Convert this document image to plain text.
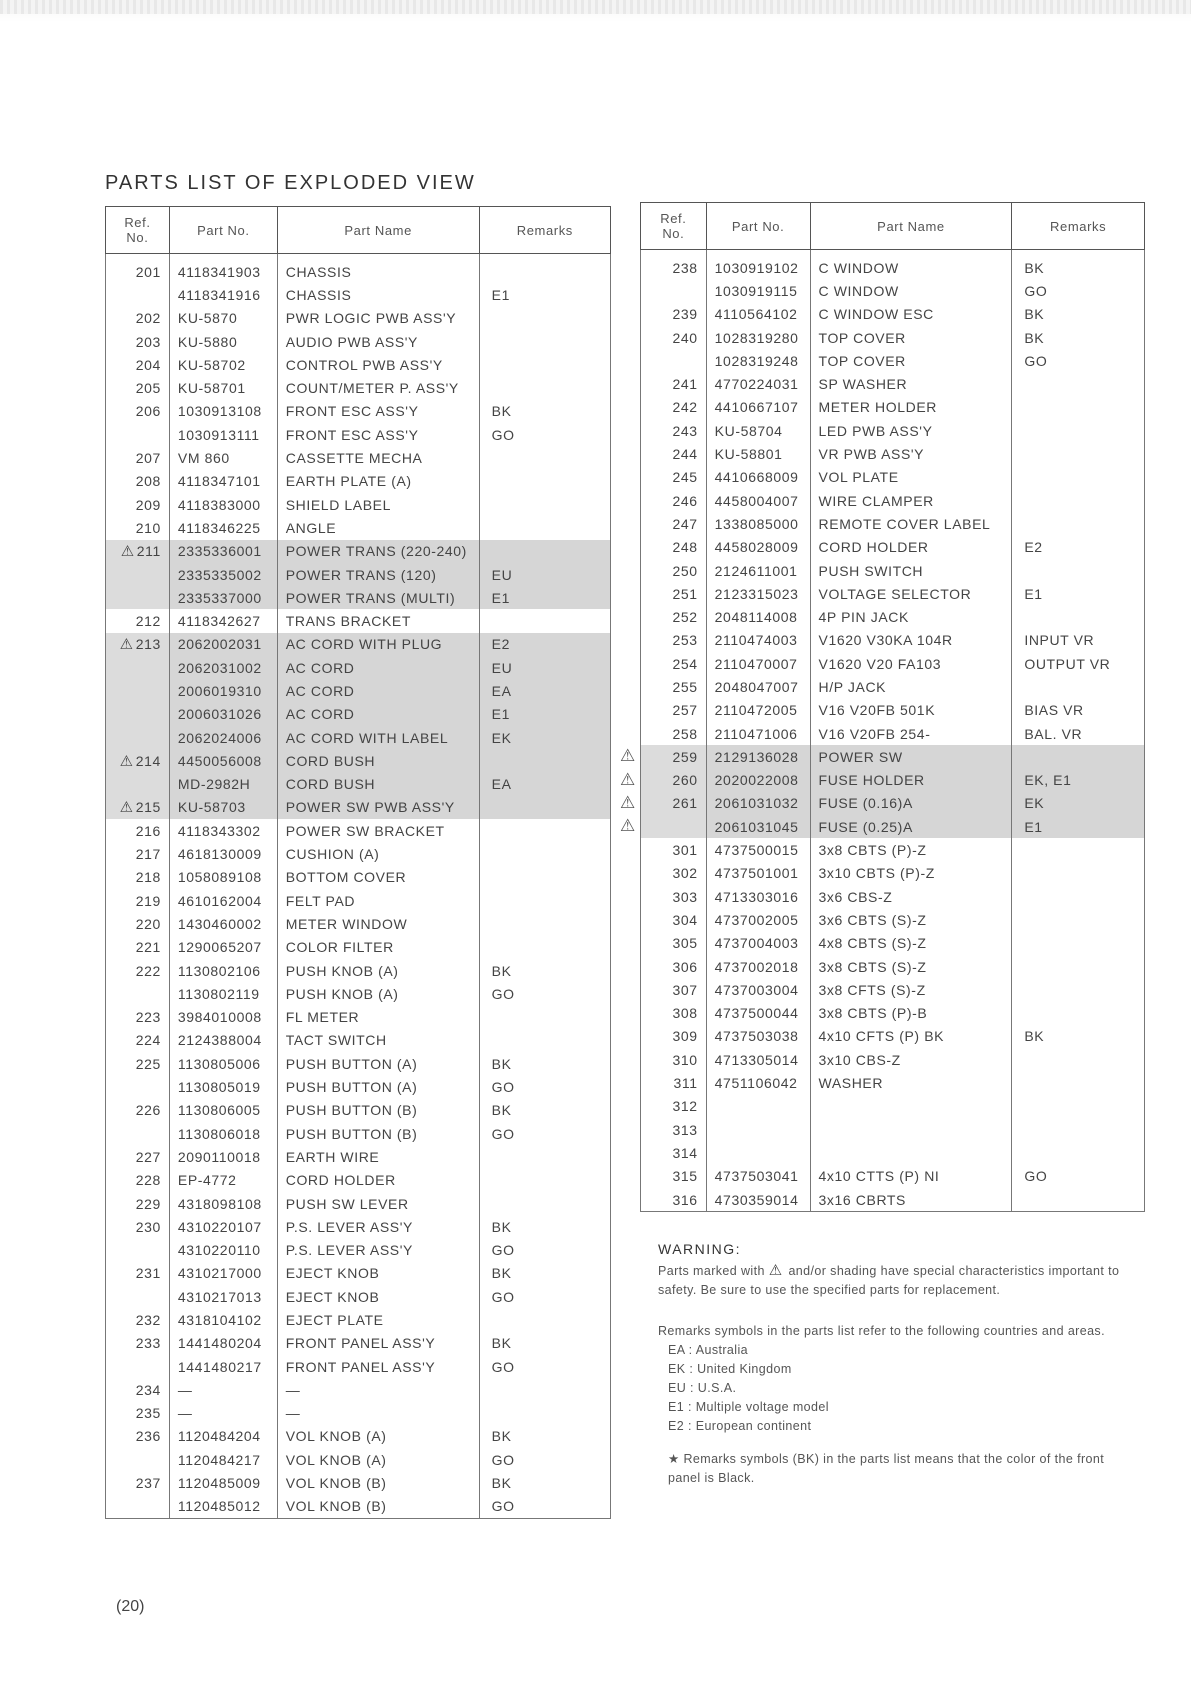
PARTS LIST OF EXPLODED VIEW
Ref.
No.	Part No.	Part Name	Remarks
201	4118341903	CHASSIS	
	4118341916	CHASSIS	E1
202	KU-5870	PWR LOGIC PWB ASS'Y	
203	KU-5880	AUDIO PWB ASS'Y	
204	KU-58702	CONTROL PWB ASS'Y	
205	KU-58701	COUNT/METER P. ASS'Y	
206	1030913108	FRONT ESC ASS'Y	BK
	1030913111	FRONT ESC ASS'Y	GO
207	VM 860	CASSETTE MECHA	
208	4118347101	EARTH PLATE (A)	
209	4118383000	SHIELD LABEL	
210	4118346225	ANGLE	
⚠ 211	2335336001	POWER TRANS (220-240)	
	2335335002	POWER TRANS (120)	EU
	2335337000	POWER TRANS (MULTI)	E1
212	4118342627	TRANS BRACKET	
⚠ 213	2062002031	AC CORD WITH PLUG	E2
	2062031002	AC CORD	EU
	2006019310	AC CORD	EA
	2006031026	AC CORD	E1
	2062024006	AC CORD WITH LABEL	EK
⚠ 214	4450056008	CORD BUSH	
	MD-2982H	CORD BUSH	EA
⚠ 215	KU-58703	POWER SW PWB ASS'Y	
216	4118343302	POWER SW BRACKET	
217	4618130009	CUSHION (A)	
218	1058089108	BOTTOM COVER	
219	4610162004	FELT PAD	
220	1430460002	METER WINDOW	
221	1290065207	COLOR FILTER	
222	1130802106	PUSH KNOB (A)	BK
	1130802119	PUSH KNOB (A)	GO
223	3984010008	FL METER	
224	2124388004	TACT SWITCH	
225	1130805006	PUSH BUTTON (A)	BK
	1130805019	PUSH BUTTON (A)	GO
226	1130806005	PUSH BUTTON (B)	BK
	1130806018	PUSH BUTTON (B)	GO
227	2090110018	EARTH WIRE	
228	EP-4772	CORD HOLDER	
229	4318098108	PUSH SW LEVER	
230	4310220107	P.S. LEVER ASS'Y	BK
	4310220110	P.S. LEVER ASS'Y	GO
231	4310217000	EJECT KNOB	BK
	4310217013	EJECT KNOB	GO
232	4318104102	EJECT PLATE	
233	1441480204	FRONT PANEL ASS'Y	BK
	1441480217	FRONT PANEL ASS'Y	GO
234	—	—	
235	—	—	
236	1120484204	VOL KNOB (A)	BK
	1120484217	VOL KNOB (A)	GO
237	1120485009	VOL KNOB (B)	BK
	1120485012	VOL KNOB (B)	GO
Ref.
No.	Part No.	Part Name	Remarks
238	1030919102	C WINDOW	BK
	1030919115	C WINDOW	GO
239	4110564102	C WINDOW ESC	BK
240	1028319280	TOP COVER	BK
	1028319248	TOP COVER	GO
241	4770224031	SP WASHER	
242	4410667107	METER HOLDER	
243	KU-58704	LED PWB ASS'Y	
244	KU-58801	VR PWB ASS'Y	
245	4410668009	VOL PLATE	
246	4458004007	WIRE CLAMPER	
247	1338085000	REMOTE COVER LABEL	
248	4458028009	CORD HOLDER	E2
250	2124611001	PUSH SWITCH	
251	2123315023	VOLTAGE SELECTOR	E1
252	2048114008	4P PIN JACK	
253	2110474003	V1620 V30KA 104R	INPUT VR
254	2110470007	V1620 V20 FA103	OUTPUT VR
255	2048047007	H/P JACK	
257	2110472005	V16 V20FB 501K	BIAS VR
258	2110471006	V16 V20FB 254-	BAL. VR
259	2129136028	POWER SW	
260	2020022008	FUSE HOLDER	EK, E1
261	2061031032	FUSE (0.16)A	EK
	2061031045	FUSE (0.25)A	E1
301	4737500015	3x8 CBTS (P)-Z	
302	4737501001	3x10 CBTS (P)-Z	
303	4713303016	3x6 CBS-Z	
304	4737002005	3x6 CBTS (S)-Z	
305	4737004003	4x8 CBTS (S)-Z	
306	4737002018	3x8 CBTS (S)-Z	
307	4737003004	3x8 CFTS (S)-Z	
308	4737500044	3x8 CBTS (P)-B	
309	4737503038	4x10 CFTS (P) BK	BK
310	4713305014	3x10 CBS-Z	
311	4751106042	WASHER	
312			
313			
314			
315	4737503041	4x10 CTTS (P) NI	GO
316	4730359014	3x16 CBRTS	
WARNING:

Parts marked with ⚠ and/or shading have special characteristics important to safety. Be sure to use the specified parts for replacement.

Remarks symbols in the parts list refer to the following countries and areas.

EA : Australia
EK : United Kingdom
EU : U.S.A.
E1 : Multiple voltage model
E2 : European continent

★ Remarks symbols (BK) in the parts list means that the color of the front panel is Black.

(20)
⚠
⚠
⚠
⚠
